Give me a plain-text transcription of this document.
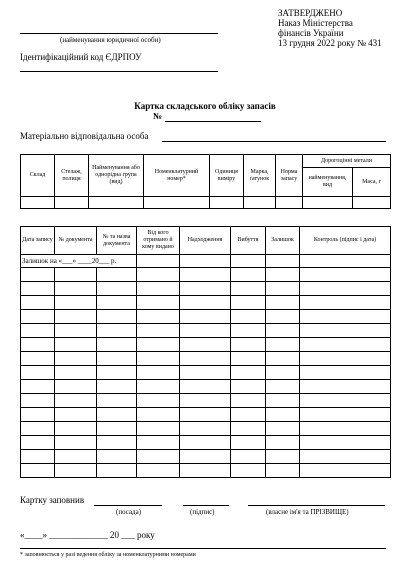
(найменування юридичної особи)
Ідентифікаційний код ЄДРПОУ
ЗАТВЕРДЖЕНО
Наказ Міністерства
фінансів України
13 грудня 2022 року № 431
Картка складського обліку запасів
№
Матеріально відповідальна особа
Склад	Стелаж, полиця	Найменування або однорідна група (вид)	Номенклатурний номер*	Одиниця виміру	Марка, ґатунок	Норма запасу	Дорогоцінні метали	
							найменування, вид	Маса, г

Дата запису	№ документа	№ та назва документа	Від кого отримано й кому видано	Надходження	Вибуття	Залишок	Контроль (підпис і дата)
Залишок на «___» ____20___ р.							

Картку заповнив
(посада)	(підпис)	(власне ім'я та ПРІЗВИЩЕ)
«____» _____________ 20 ___ року
* заповнюється у разі ведення обліку за номенклатурними номерами
